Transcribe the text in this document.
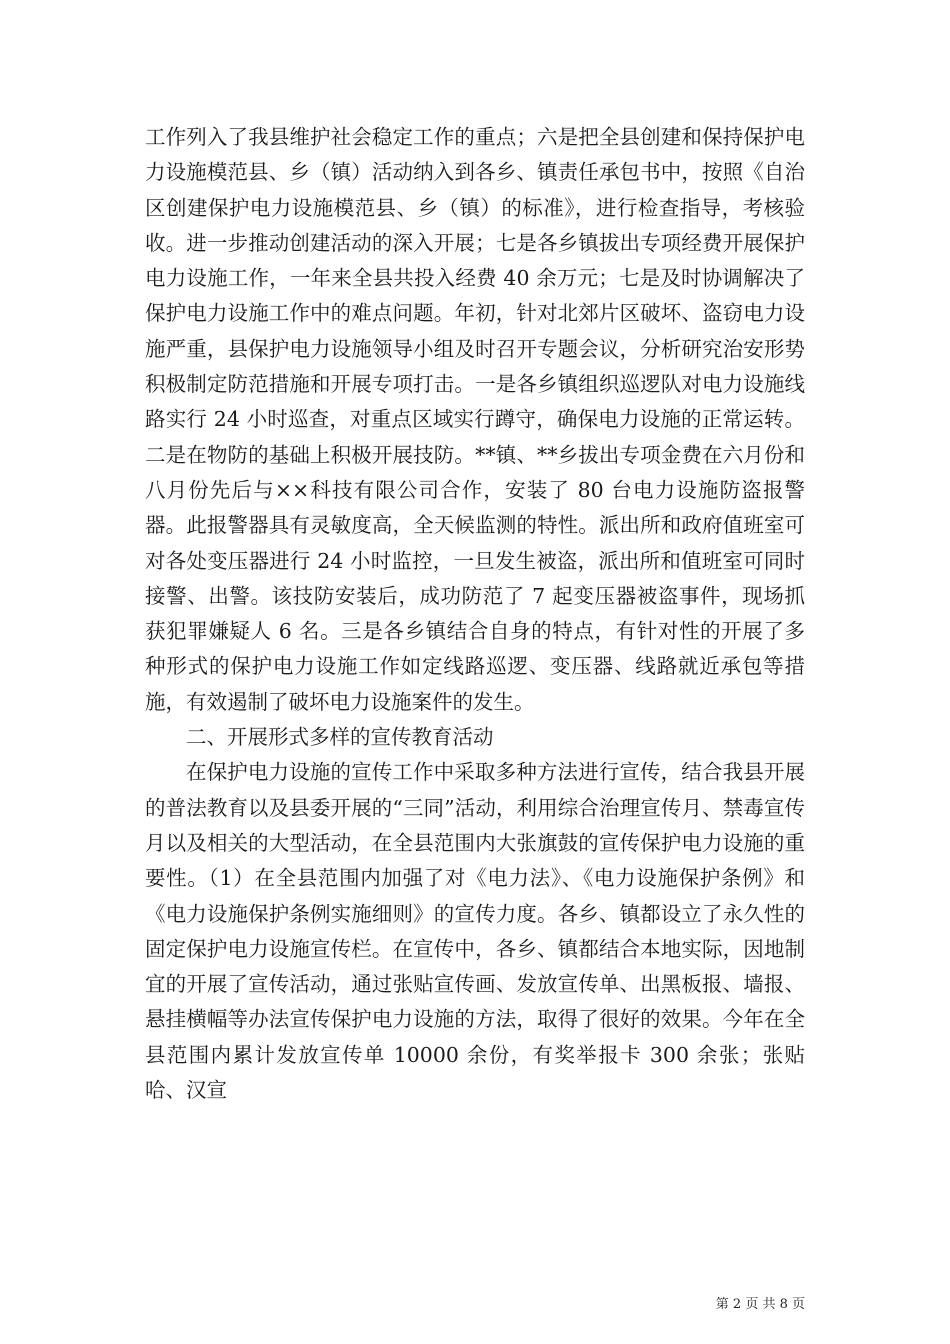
工作列入了我县维护社会稳定工作的重点；六是把全县创建和保持保护电力设施模范县、乡（镇）活动纳入到各乡、镇责任承包书中，按照《自治区创建保护电力设施模范县、乡（镇）的标准》，进行检查指导，考核验收。进一步推动创建活动的深入开展；七是各乡镇拔出专项经费开展保护电力设施工作，一年来全县共投入经费 40 余万元；七是及时协调解决了保护电力设施工作中的难点问题。年初，针对北郊片区破坏、盗窃电力设施严重，县保护电力设施领导小组及时召开专题会议，分析研究治安形势积极制定防范措施和开展专项打击。一是各乡镇组织巡逻队对电力设施线路实行 24 小时巡查，对重点区域实行蹲守，确保电力设施的正常运转。二是在物防的基础上积极开展技防。**镇、**乡拔出专项金费在六月份和八月份先后与××科技有限公司合作，安装了 80 台电力设施防盗报警器。此报警器具有灵敏度高，全天候监测的特性。派出所和政府值班室可对各处变压器进行 24 小时监控，一旦发生被盗，派出所和值班室可同时接警、出警。该技防安装后，成功防范了 7 起变压器被盗事件，现场抓获犯罪嫌疑人 6 名。三是各乡镇结合自身的特点，有针对性的开展了多种形式的保护电力设施工作如定线路巡逻、变压器、线路就近承包等措施，有效遏制了破坏电力设施案件的发生。

二、开展形式多样的宣传教育活动

在保护电力设施的宣传工作中采取多种方法进行宣传，结合我县开展的普法教育以及县委开展的“三同”活动，利用综合治理宣传月、禁毒宣传月以及相关的大型活动，在全县范围内大张旗鼓的宣传保护电力设施的重要性。（1）在全县范围内加强了对《电力法》、《电力设施保护条例》和《电力设施保护条例实施细则》的宣传力度。各乡、镇都设立了永久性的固定保护电力设施宣传栏。在宣传中，各乡、镇都结合本地实际，因地制宜的开展了宣传活动，通过张贴宣传画、发放宣传单、出黑板报、墙报、悬挂横幅等办法宣传保护电力设施的方法，取得了很好的效果。今年在全县范围内累计发放宣传单 10000 余份，有奖举报卡 300 余张；张贴哈、汉宣

第 2 页 共 8 页
